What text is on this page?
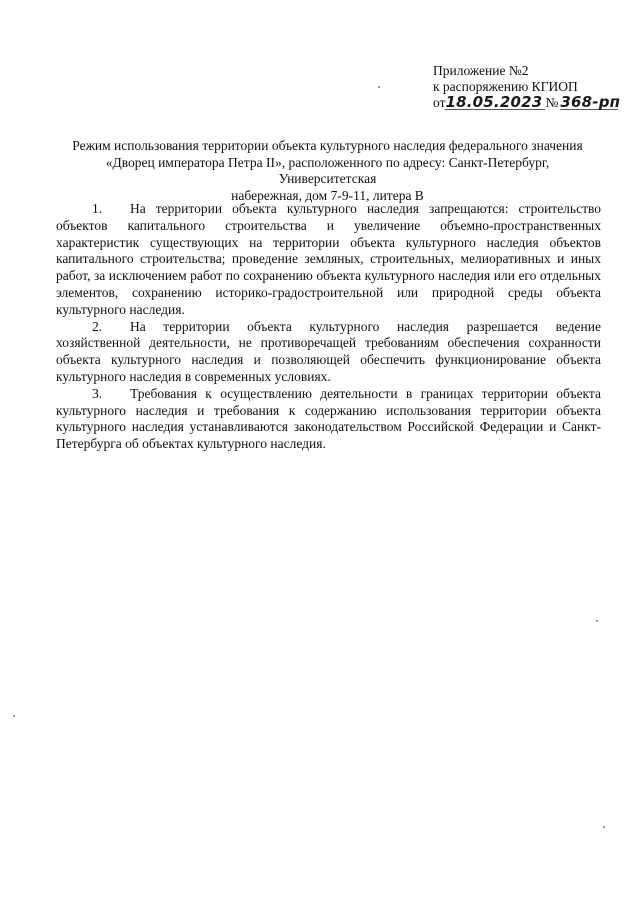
Приложение №2
к распоряжению КГИОП
от18.05.2023 № 368-рп
Режим использования территории объекта культурного наследия федерального значения
«Дворец императора Петра II», расположенного по адресу: Санкт-Петербург, Университетская
набережная, дом 7-9-11, литера В

1. На территории объекта культурного наследия запрещаются: строительство объектов капитального строительства и увеличение объемно-пространственных характеристик существующих на территории объекта культурного наследия объектов капитального строительства; проведение земляных, строительных, мелиоративных и иных работ, за исключением работ по сохранению объекта культурного наследия или его отдельных элементов, сохранению историко-градостроительной или природной среды объекта культурного наследия.

2. На территории объекта культурного наследия разрешается ведение хозяйственной деятельности, не противоречащей требованиям обеспечения сохранности объекта культурного наследия и позволяющей обеспечить функционирование объекта культурного наследия в современных условиях.

3. Требования к осуществлению деятельности в границах территории объекта культурного наследия и требования к содержанию использования территории объекта культурного наследия устанавливаются законодательством Российской Федерации и Санкт-Петербурга об объектах культурного наследия.
